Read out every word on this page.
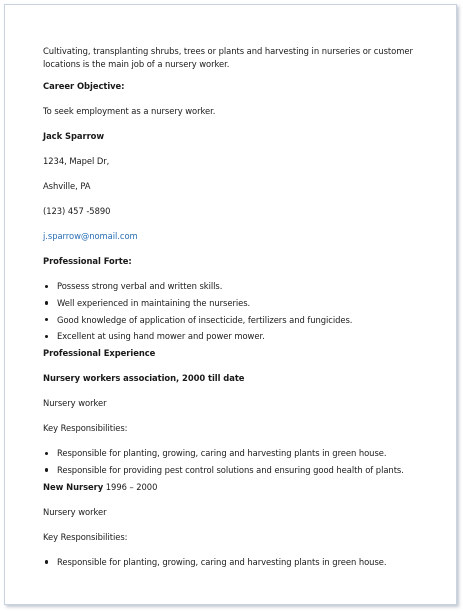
Cultivating, transplanting shrubs, trees or plants and harvesting in nurseries or customer locations is the main job of a nursery worker.

Career Objective:

To seek employment as a nursery worker.

Jack Sparrow

1234, Mapel Dr,

Ashville, PA

(123) 457 -5890

j.sparrow@nomail.com

Professional Forte:

Possess strong verbal and written skills.
Well experienced in maintaining the nurseries.
Good knowledge of application of insecticide, fertilizers and fungicides.
Excellent at using hand mower and power mower.

Professional Experience

Nursery workers association, 2000 till date

Nursery worker

Key Responsibilities:

Responsible for planting, growing, caring and harvesting plants in green house.
Responsible for providing pest control solutions and ensuring good health of plants.

New Nursery 1996 – 2000

Nursery worker

Key Responsibilities:

Responsible for planting, growing, caring and harvesting plants in green house.
